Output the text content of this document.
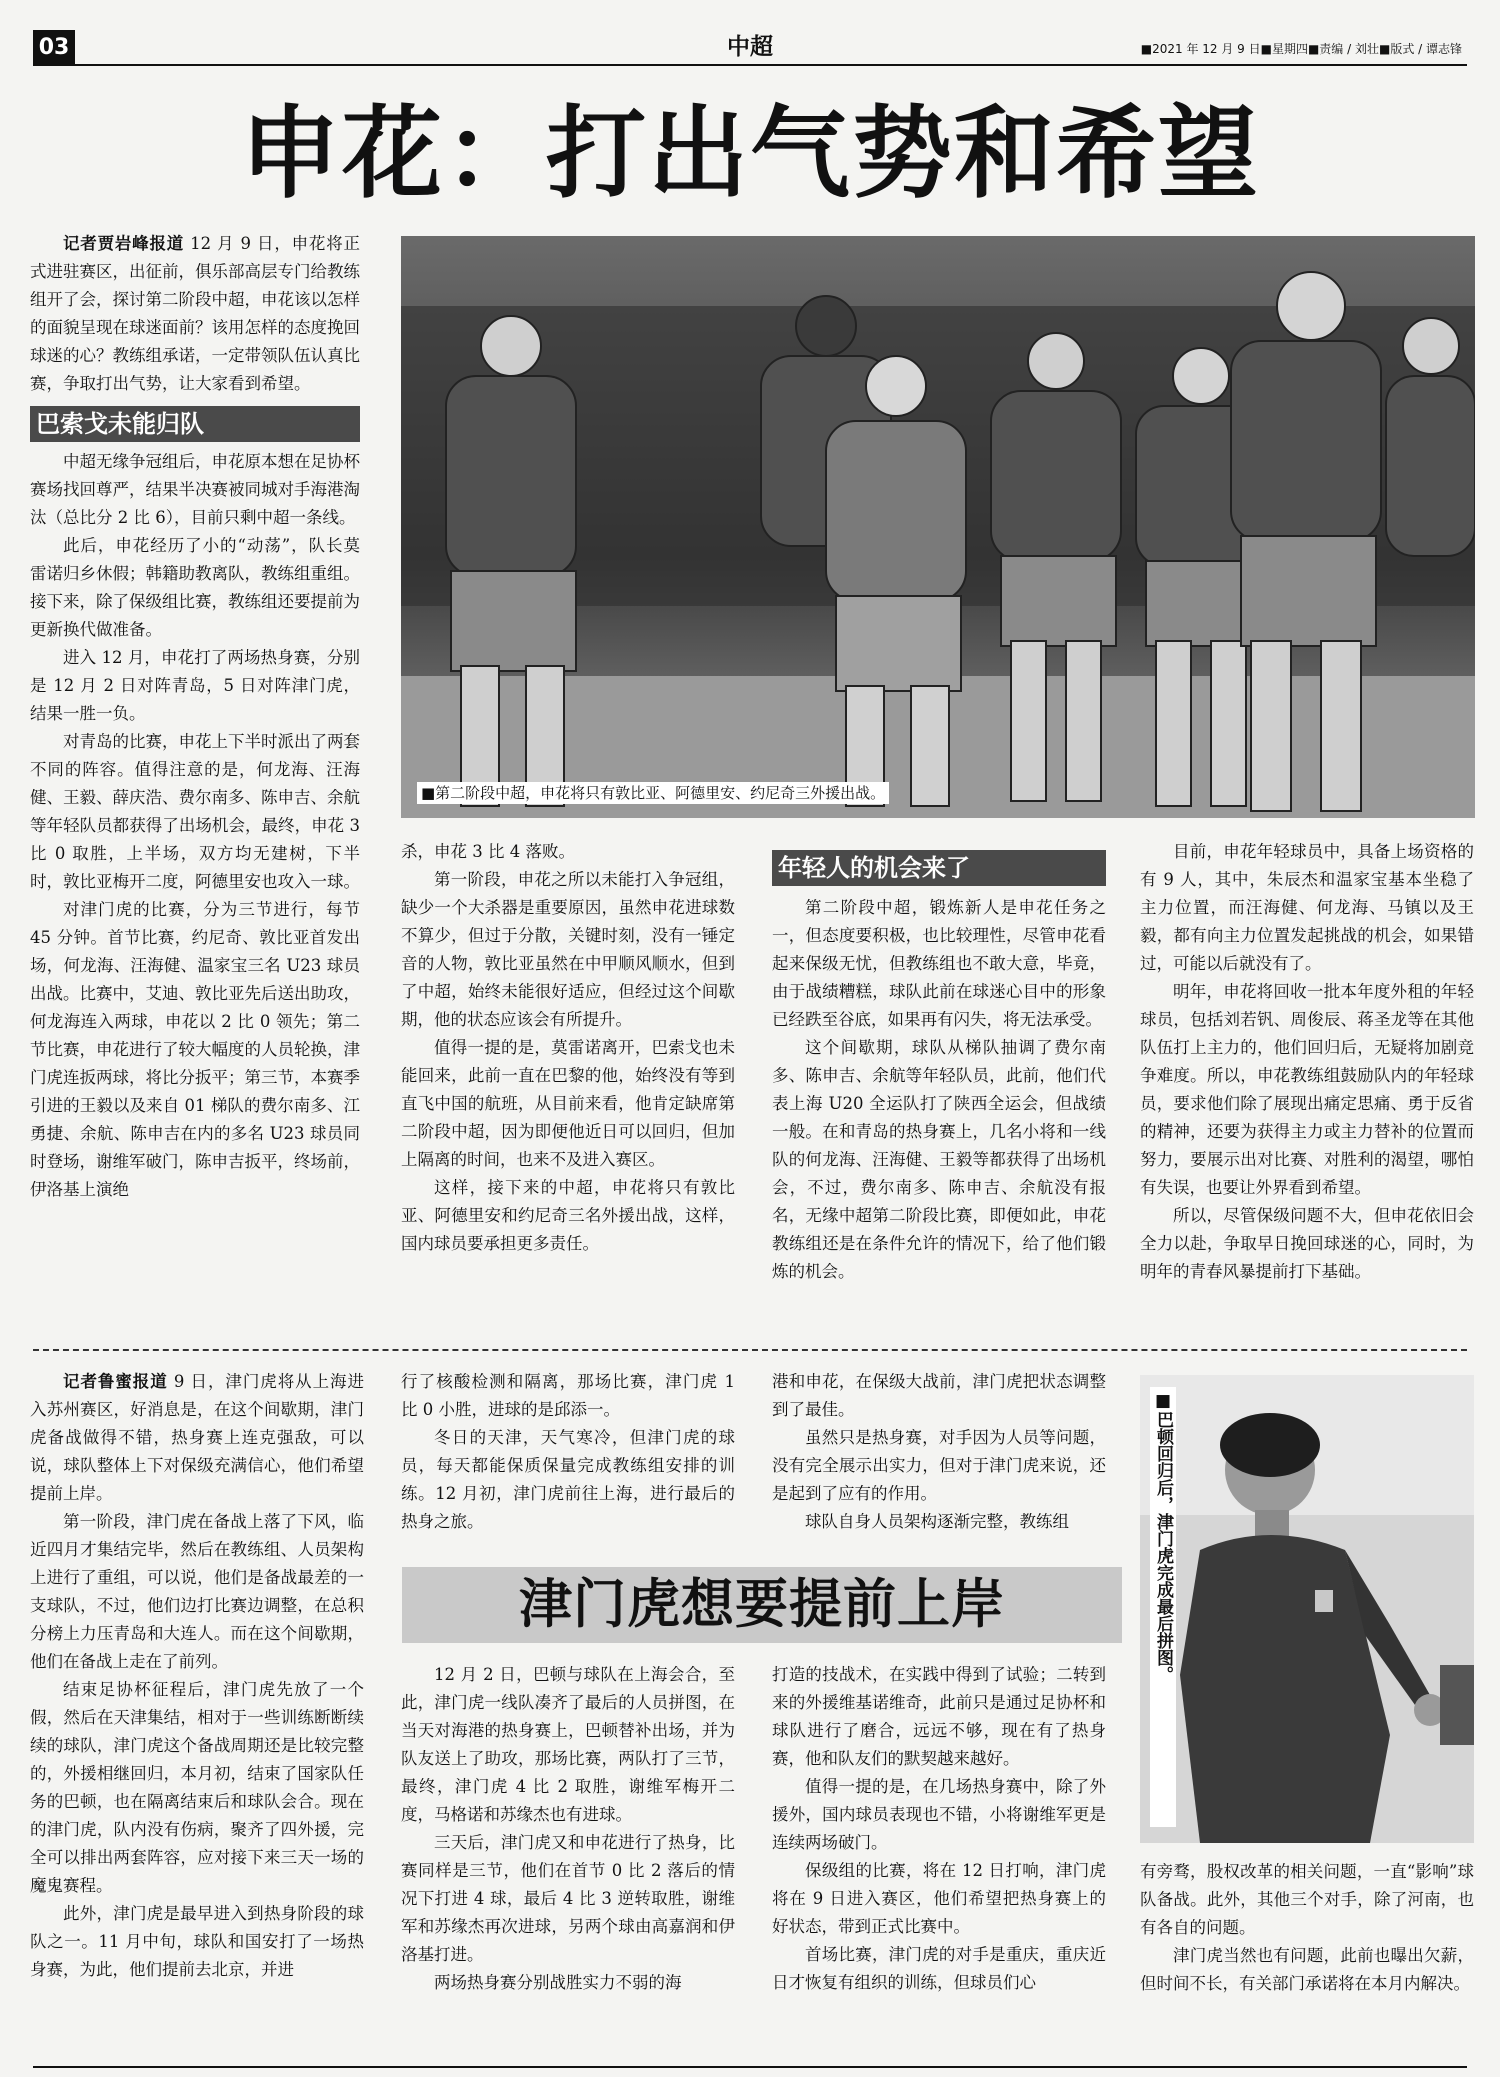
03	中超	■2021 年 12 月 9 日■星期四■责编 / 刘壮■版式 / 谭志锋
申花：打出气势和希望

记者贾岩峰报道 12 月 9 日，申花将正式进驻赛区，出征前，俱乐部高层专门给教练组开了会，探讨第二阶段中超，申花该以怎样的面貌呈现在球迷面前？该用怎样的态度挽回球迷的心？教练组承诺，一定带领队伍认真比赛，争取打出气势，让大家看到希望。

巴索戈未能归队

中超无缘争冠组后，申花原本想在足协杯赛场找回尊严，结果半决赛被同城对手海港淘汰（总比分 2 比 6），目前只剩中超一条线。

此后，申花经历了小的“动荡”，队长莫雷诺归乡休假；韩籍助教离队，教练组重组。接下来，除了保级组比赛，教练组还要提前为更新换代做准备。

进入 12 月，申花打了两场热身赛，分别是 12 月 2 日对阵青岛，5 日对阵津门虎，结果一胜一负。

对青岛的比赛，申花上下半时派出了两套不同的阵容。值得注意的是，何龙海、汪海健、王毅、薛庆浩、费尔南多、陈申吉、余航等年轻队员都获得了出场机会，最终，申花 3 比 0 取胜，上半场，双方均无建树，下半时，敦比亚梅开二度，阿德里安也攻入一球。

对津门虎的比赛，分为三节进行，每节 45 分钟。首节比赛，约尼奇、敦比亚首发出场，何龙海、汪海健、温家宝三名 U23 球员出战。比赛中，艾迪、敦比亚先后送出助攻，何龙海连入两球，申花以 2 比 0 领先；第二节比赛，申花进行了较大幅度的人员轮换，津门虎连扳两球，将比分扳平；第三节，本赛季引进的王毅以及来自 01 梯队的费尔南多、江勇捷、余航、陈申吉在内的多名 U23 球员同时登场，谢维军破门，陈申吉扳平，终场前，伊洛基上演绝

■第二阶段中超，申花将只有敦比亚、阿德里安、约尼奇三外援出战。

杀，申花 3 比 4 落败。

第一阶段，申花之所以未能打入争冠组，缺少一个大杀器是重要原因，虽然申花进球数不算少，但过于分散，关键时刻，没有一锤定音的人物，敦比亚虽然在中甲顺风顺水，但到了中超，始终未能很好适应，但经过这个间歇期，他的状态应该会有所提升。

值得一提的是，莫雷诺离开，巴索戈也未能回来，此前一直在巴黎的他，始终没有等到直飞中国的航班，从目前来看，他肯定缺席第二阶段中超，因为即便他近日可以回归，但加上隔离的时间，也来不及进入赛区。

这样，接下来的中超，申花将只有敦比亚、阿德里安和约尼奇三名外援出战，这样，国内球员要承担更多责任。

年轻人的机会来了

第二阶段中超，锻炼新人是申花任务之一，但态度要积极，也比较理性，尽管申花看起来保级无忧，但教练组也不敢大意，毕竟，由于战绩糟糕，球队此前在球迷心目中的形象已经跌至谷底，如果再有闪失，将无法承受。

这个间歇期，球队从梯队抽调了费尔南多、陈申吉、余航等年轻队员，此前，他们代表上海 U20 全运队打了陕西全运会，但战绩一般。在和青岛的热身赛上，几名小将和一线队的何龙海、汪海健、王毅等都获得了出场机会，不过，费尔南多、陈申吉、余航没有报名，无缘中超第二阶段比赛，即便如此，申花教练组还是在条件允许的情况下，给了他们锻炼的机会。

目前，申花年轻球员中，具备上场资格的有 9 人，其中，朱辰杰和温家宝基本坐稳了主力位置，而汪海健、何龙海、马镇以及王毅，都有向主力位置发起挑战的机会，如果错过，可能以后就没有了。

明年，申花将回收一批本年度外租的年轻球员，包括刘若钒、周俊辰、蒋圣龙等在其他队伍打上主力的，他们回归后，无疑将加剧竞争难度。所以，申花教练组鼓励队内的年轻球员，要求他们除了展现出痛定思痛、勇于反省的精神，还要为获得主力或主力替补的位置而努力，要展示出对比赛、对胜利的渴望，哪怕有失误，也要让外界看到希望。

所以，尽管保级问题不大，但申花依旧会全力以赴，争取早日挽回球迷的心，同时，为明年的青春风暴提前打下基础。

记者鲁蜜报道 9 日，津门虎将从上海进入苏州赛区，好消息是，在这个间歇期，津门虎备战做得不错，热身赛上连克强敌，可以说，球队整体上下对保级充满信心，他们希望提前上岸。

第一阶段，津门虎在备战上落了下风，临近四月才集结完毕，然后在教练组、人员架构上进行了重组，可以说，他们是备战最差的一支球队，不过，他们边打比赛边调整，在总积分榜上力压青岛和大连人。而在这个间歇期，他们在备战上走在了前列。

结束足协杯征程后，津门虎先放了一个假，然后在天津集结，相对于一些训练断断续续的球队，津门虎这个备战周期还是比较完整的，外援相继回归，本月初，结束了国家队任务的巴顿，也在隔离结束后和球队会合。现在的津门虎，队内没有伤病，聚齐了四外援，完全可以排出两套阵容，应对接下来三天一场的魔鬼赛程。

此外，津门虎是最早进入到热身阶段的球队之一。11 月中旬，球队和国安打了一场热身赛，为此，他们提前去北京，并进

行了核酸检测和隔离，那场比赛，津门虎 1 比 0 小胜，进球的是邱添一。

冬日的天津，天气寒冷，但津门虎的球员，每天都能保质保量完成教练组安排的训练。12 月初，津门虎前往上海，进行最后的热身之旅。

港和申花，在保级大战前，津门虎把状态调整到了最佳。

虽然只是热身赛，对手因为人员等问题，没有完全展示出实力，但对于津门虎来说，还是起到了应有的作用。

球队自身人员架构逐渐完整，教练组

津门虎想要提前上岸

12 月 2 日，巴顿与球队在上海会合，至此，津门虎一线队凑齐了最后的人员拼图，在当天对海港的热身赛上，巴顿替补出场，并为队友送上了助攻，那场比赛，两队打了三节，最终，津门虎 4 比 2 取胜，谢维军梅开二度，马格诺和苏缘杰也有进球。

三天后，津门虎又和申花进行了热身，比赛同样是三节，他们在首节 0 比 2 落后的情况下打进 4 球，最后 4 比 3 逆转取胜，谢维军和苏缘杰再次进球，另两个球由高嘉润和伊洛基打进。

两场热身赛分别战胜实力不弱的海

打造的技战术，在实践中得到了试验；二转到来的外援维基诺维奇，此前只是通过足协杯和球队进行了磨合，远远不够，现在有了热身赛，他和队友们的默契越来越好。

值得一提的是，在几场热身赛中，除了外援外，国内球员表现也不错，小将谢维军更是连续两场破门。

保级组的比赛，将在 12 日打响，津门虎将在 9 日进入赛区，他们希望把热身赛上的好状态，带到正式比赛中。

首场比赛，津门虎的对手是重庆，重庆近日才恢复有组织的训练，但球员们心

■巴顿回归后，津门虎完成最后拼图。

有旁骛，股权改革的相关问题，一直“影响”球队备战。此外，其他三个对手，除了河南，也有各自的问题。

津门虎当然也有问题，此前也曝出欠薪，但时间不长，有关部门承诺将在本月内解决。
